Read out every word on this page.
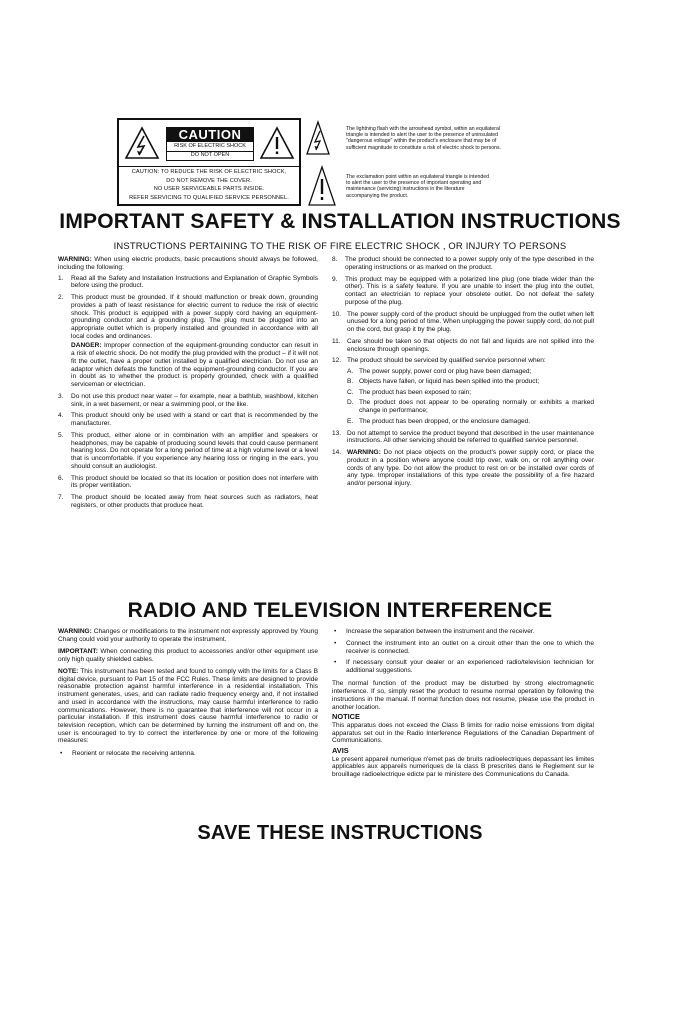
CAUTION
RISK OF ELECTRIC SHOCK
DO NOT OPEN
CAUTION: TO REDUCE THE RISK OF ELECTRIC SHOCK,
DO NOT REMOVE THE COVER.
NO USER SERVICEABLE PARTS INSIDE.
REFER SERVICING TO QUALIFIED SERVICE PERSONNEL.
The lightning flash with the arrowhead symbol, within an equilateral
triangle is intended to alert the user to the presence of uninsulated
"dangerous voltage" within the product's enclosure that may be of
sufficient magnitude to constitute a risk of electric shock to persons.
The exclamation point within an equilateral triangle is intended
to alert the user to the presence of important operating and
maintenance (servicing) instructions in the literature
accompanying the product.
IMPORTANT SAFETY & INSTALLATION INSTRUCTIONS
INSTRUCTIONS PERTAINING TO THE RISK OF FIRE ELECTRIC SHOCK , OR INJURY TO PERSONS

WARNING: When using electric products, basic precautions should always be followed, including the following:

1. Read all the Safety and Installation Instructions and Explanation of Graphic Symbols before using the product.

2. This product must be grounded. If it should malfunction or break down, grounding provides a path of least resistance for electric current to reduce the risk of electric shock. This product is equipped with a power supply cord having an equipment-grounding conductor and a grounding plug. The plug must be plugged into an appropriate outlet which is properly installed and grounded in accordance with all local codes and ordinances.

DANGER: Improper connection of the equipment-grounding conductor can result in a risk of electric shock. Do not modify the plug provided with the product – if it will not fit the outlet, have a proper outlet installed by a qualified electrician. Do not use an adaptor which defeats the function of the equipment-grounding conductor. If you are in doubt as to whether the product is properly grounded, check with a qualified serviceman or electrician.

3. Do not use this product near water – for example, near a bathtub, washbowl, kitchen sink, in a wet basement, or near a swimming pool, or the like.

4. This product should only be used with a stand or cart that is recommended by the manufacturer.

5. This product, either alone or in combination with an amplifier and speakers or headphones, may be capable of producing sound levels that could cause permanent hearing loss. Do not operate for a long period of time at a high volume level or a level that is uncomfortable. If you experience any hearing loss or ringing in the ears, you should consult an audiologist.

6. This product should be located so that its location or position does not interfere with its proper ventilation.

7. The product should be located away from heat sources such as radiators, heat registers, or other products that produce heat.

8. The product should be connected to a power supply only of the type described in the operating instructions or as marked on the product.

9. This product may be equipped with a polarized line plug (one blade wider than the other). This is a safety feature. If you are unable to insert the plug into the outlet, contact an electrician to replace your obsolete outlet. Do not defeat the safety purpose of the plug.

10. The power supply cord of the product should be unplugged from the outlet when left unused for a long period of time. When unplugging the power supply cord, do not pull on the cord, but grasp it by the plug.

11. Care should be taken so that objects do not fall and liquids are not spilled into the enclosure through openings.

12. The product should be serviced by qualified service personnel when:

A. The power supply, power cord or plug have been damaged;

B. Objects have fallen, or liquid has been spilled into the product;

C. The product has been exposed to rain;

D. The product does not appear to be operating normally or exhibits a marked change in performance;

E. The product has been dropped, or the enclosure damaged.

13. Do not attempt to service the product beyond that described in the user maintenance instructions. All other servicing should be referred to qualified service personnel.

14. WARNING: Do not place objects on the product's power supply cord, or place the product in a position where anyone could trip over, walk on, or roll anything over cords of any type. Do not allow the product to rest on or be installed over cords of any type. Improper installations of this type create the possibility of a fire hazard and/or personal injury.

RADIO AND TELEVISION INTERFERENCE

WARNING: Changes or modifications to the instrument not expressly approved by Young Chang could void your authority to operate the instrument.

IMPORTANT: When connecting this product to accessories and/or other equipment use only high quality shielded cables.

NOTE: This instrument has been tested and found to comply with the limits for a Class B digital device, pursuant to Part 15 of the FCC Rules. These limits are designed to provide reasonable protection against harmful interference in a residential installation. This instrument generates, uses, and can radiate radio frequency energy and, if not installed and used in accordance with the instructions, may cause harmful interference to radio communications. However, there is no guarantee that interference will not occur in a particular installation. If this instrument does cause harmful interference to radio or television reception, which can be determined by turning the instrument off and on, the user is encouraged to try to correct the interference by one or more of the following measures:

• Reorient or relocate the receiving antenna.

• Increase the separation between the instrument and the receiver.

• Connect the instrument into an outlet on a circuit other than the one to which the receiver is connected.

• If necessary consult your dealer or an experienced radio/television technician for additional suggestions.

The normal function of the product may be disturbed by strong electromagnetic interference. If so, simply reset the product to resume normal operation by following the instructions in the manual. If normal function does not resume, please use the product in another location.

NOTICE

This apparatus does not exceed the Class B limits for radio noise emissions from digital apparatus set out in the Radio Interference Regulations of the Canadian Department of Communications.

AVIS

Le present appareil numerique n'emet pas de bruits radioelectriques depassant les limites applicables aux appareils numeriques de la class B prescrites dans le Reglement sur le brouillage radioelectrique edicte par le ministere des Communications du Canada.

SAVE THESE INSTRUCTIONS
